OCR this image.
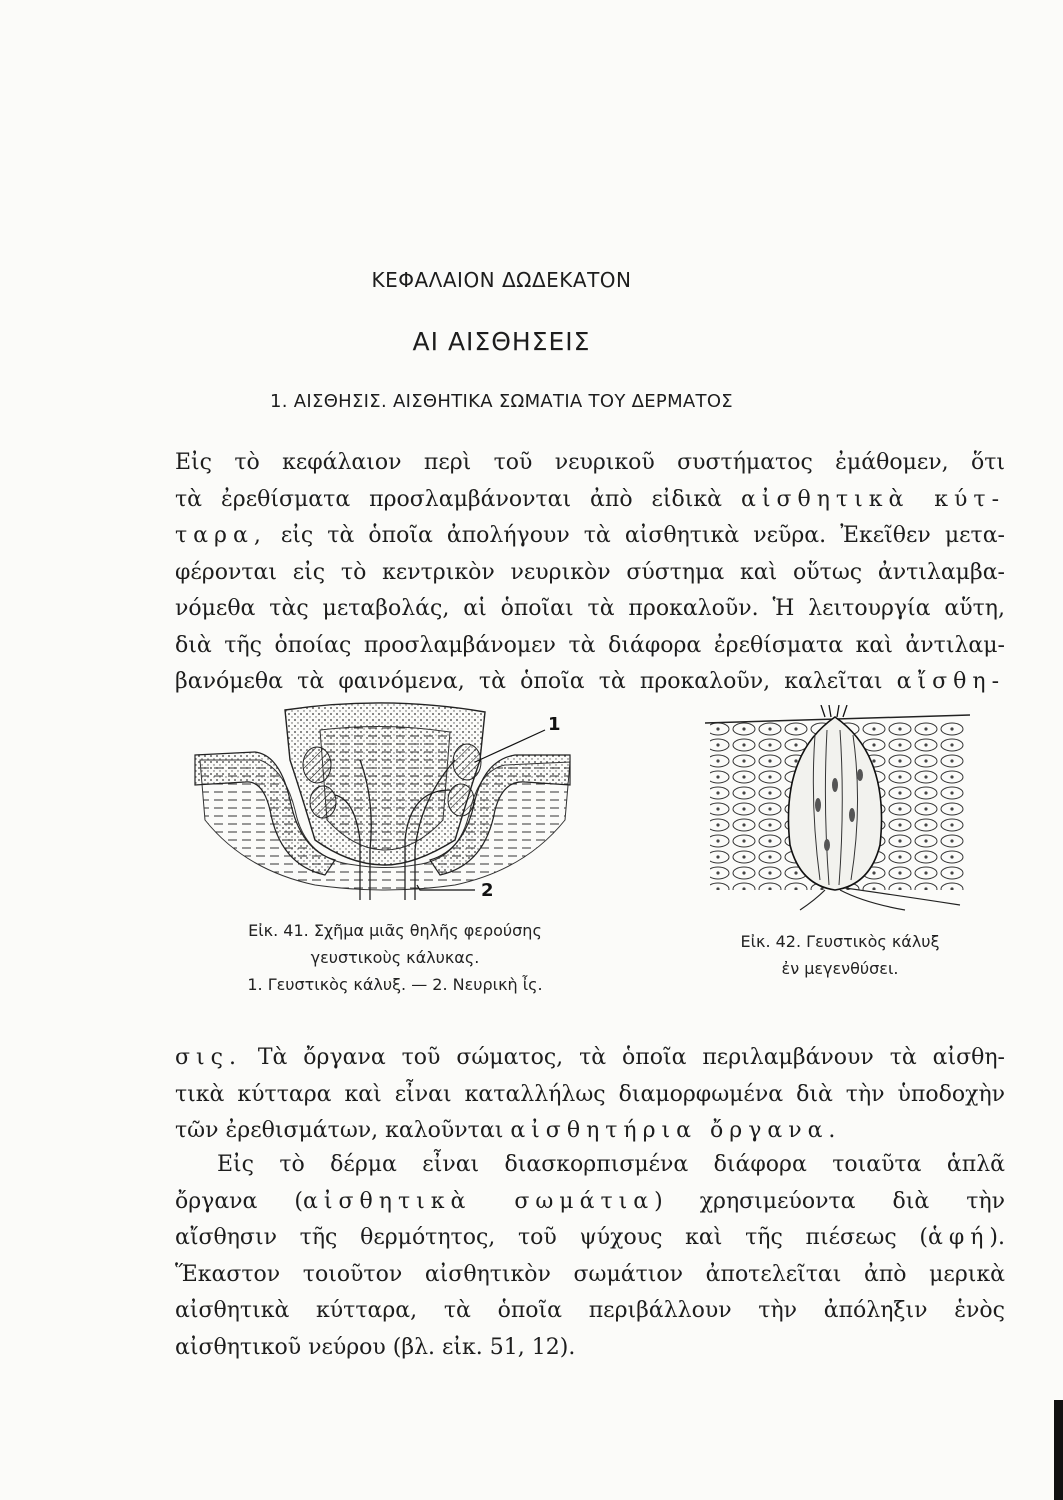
ΚΕΦΑΛΑΙΟΝ ΔΩΔΕΚΑΤΟΝ
ΑΙ ΑΙΣΘΗΣΕΙΣ
1. ΑΙΣΘΗΣΙΣ. ΑΙΣΘΗΤΙΚΑ ΣΩΜΑΤΙΑ ΤΟΥ ΔΕΡΜΑΤΟΣ
Εἰς τὸ κεφάλαιον περὶ τοῦ νευρικοῦ συστήματος ἐμάθομεν, ὅτι
τὰ ἐρεθίσματα προσλαμβάνονται ἀπὸ εἰδικὰ αἰσθητικὰ κύτ-
ταρα, εἰς τὰ ὁποῖα ἀπολήγουν τὰ αἰσθητικὰ νεῦρα. Ἐκεῖθεν μετα-
φέρονται εἰς τὸ κεντρικὸν νευρικὸν σύστημα καὶ οὕτως ἀντιλαμβα-
νόμεθα τὰς μεταβολάς, αἱ ὁποῖαι τὰ προκαλοῦν. Ἡ λειτουργία αὕτη,
διὰ τῆς ὁποίας προσλαμβάνομεν τὰ διάφορα ἐρεθίσματα καὶ ἀντιλαμ-
βανόμεθα τὰ φαινόμενα, τὰ ὁποῖα τὰ προκαλοῦν, καλεῖται αἴσθη-
1
2
Εἰκ. 41. Σχῆμα μιᾶς θηλῆς φερούσης
γευστικοὺς κάλυκας.
1. Γευστικὸς κάλυξ. — 2. Νευρικὴ ἶς.
Εἰκ. 42. Γευστικὸς κάλυξ
ἐν μεγενθύσει.
σις. Τὰ ὄργανα τοῦ σώματος, τὰ ὁποῖα περιλαμβάνουν τὰ αἰσθη-
τικὰ κύτταρα καὶ εἶναι καταλλήλως διαμορφωμένα διὰ τὴν ὑποδοχὴν
τῶν ἐρεθισμάτων, καλοῦνται αἰσθητήρια ὄργανα.
Εἰς τὸ δέρμα εἶναι διασκορπισμένα διάφορα τοιαῦτα ἁπλᾶ
ὄργανα (αἰσθητικὰ σωμάτια) χρησιμεύοντα διὰ τὴν
αἴσθησιν τῆς θερμότητος, τοῦ ψύχους καὶ τῆς πιέσεως (ἁφή).
Ἕκαστον τοιοῦτον αἰσθητικὸν σωμάτιον ἀποτελεῖται ἀπὸ μερικὰ
αἰσθητικὰ κύτταρα, τὰ ὁποῖα περιβάλλουν τὴν ἀπόληξιν ἑνὸς
αἰσθητικοῦ νεύρου (βλ. εἰκ. 51, 12).
